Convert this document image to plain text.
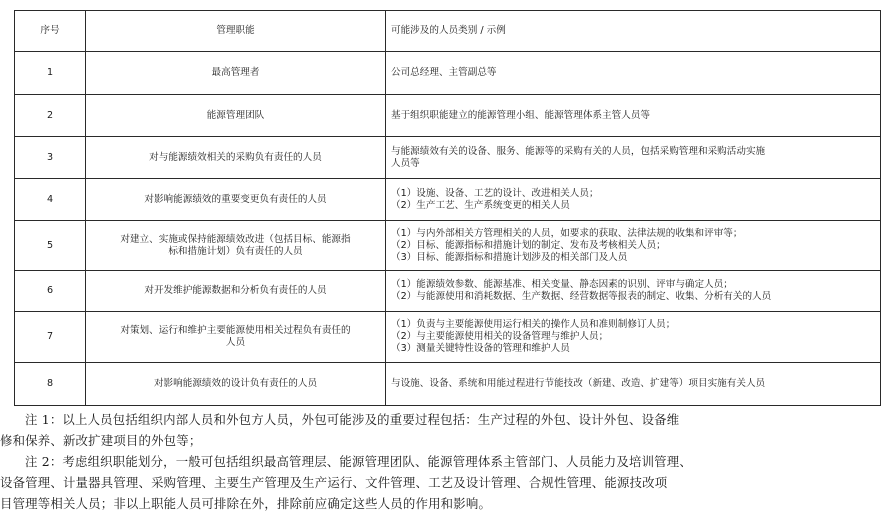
序号	管理职能	可能涉及的人员类别 / 示例
1	最高管理者	公司总经理、主管副总等

2	能源管理团队	基于组织职能建立的能源管理小组、能源管理体系主管人员等

3	对与能源绩效相关的采购负有责任的人员	与能源绩效有关的设备、服务、能源等的采购有关的人员，包括采购管理和采购活动实施
人员等

4	对影响能源绩效的重要变更负有责任的人员	（1）设施、设备、工艺的设计、改进相关人员；
（2）生产工艺、生产系统变更的相关人员

5	对建立、实施或保持能源绩效改进（包括目标、能源指
标和措施计划）负有责任的人员	（1）与内外部相关方管理相关的人员，如要求的获取、法律法规的收集和评审等；
（2）目标、能源指标和措施计划的制定、发布及考核相关人员；
（3）目标、能源指标和措施计划涉及的相关部门及人员

6	对开发维护能源数据和分析负有责任的人员	（1）能源绩效参数、能源基准、相关变量、静态因素的识别、评审与确定人员；
（2）与能源使用和消耗数据、生产数据、经营数据等报表的制定、收集、分析有关的人员

7	对策划、运行和维护主要能源使用相关过程负有责任的
人员	（1）负责与主要能源使用运行相关的操作人员和准则制修订人员；
（2）与主要能源使用相关的设备管理与维护人员；
（3）测量关键特性设备的管理和维护人员

8	对影响能源绩效的设计负有责任的人员	与设施、设备、系统和用能过程进行节能技改（新建、改造、扩建等）项目实施有关人员
注 1：以上人员包括组织内部人员和外包方人员，外包可能涉及的重要过程包括：生产过程的外包、设计外包、设备维
修和保养、新改扩建项目的外包等；
注 2：考虑组织职能划分，一般可包括组织最高管理层、能源管理团队、能源管理体系主管部门、人员能力及培训管理、
设备管理、计量器具管理、采购管理、主要生产管理及生产运行、文件管理、工艺及设计管理、合规性管理、能源技改项
目管理等相关人员；非以上职能人员可排除在外，排除前应确定这些人员的作用和影响。
